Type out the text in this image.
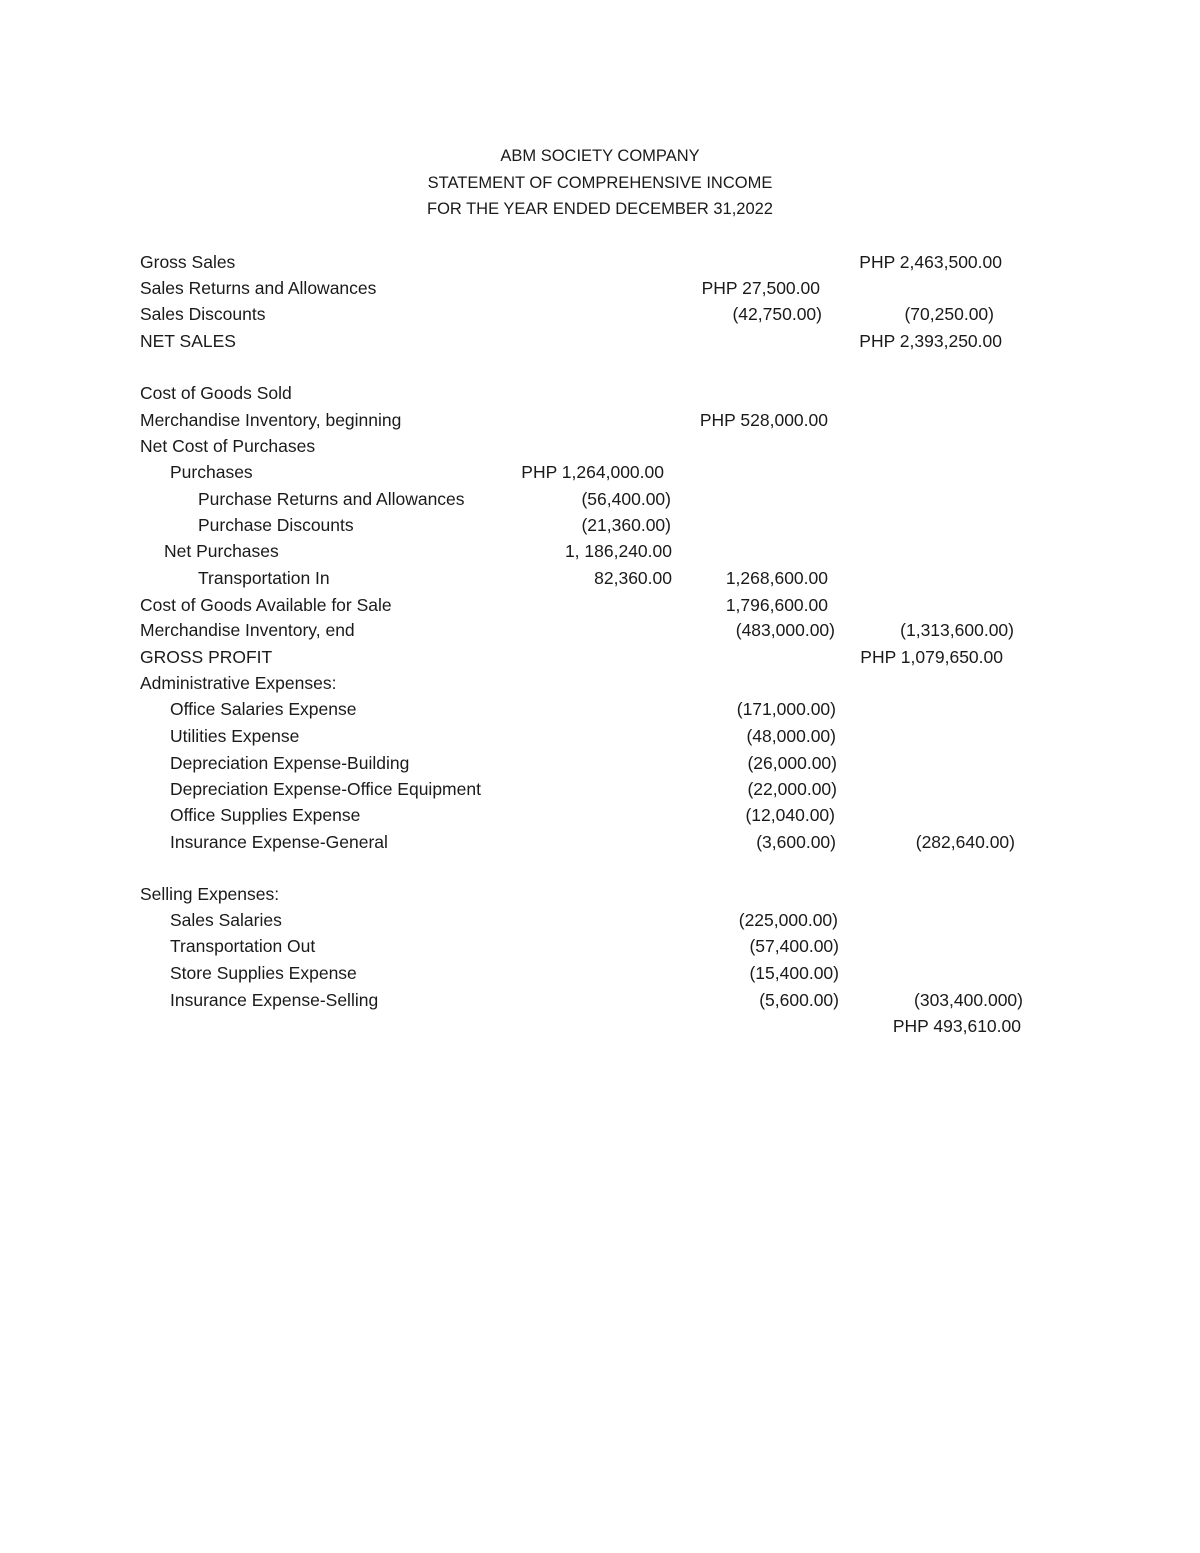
ABM SOCIETY COMPANY
STATEMENT OF COMPREHENSIVE INCOME
FOR THE YEAR ENDED DECEMBER 31,2022
Gross Sales	PHP 2,463,500.00
Sales Returns and Allowances	PHP 27,500.00
Sales Discounts	(42,750.00)	(70,250.00)
NET SALES	PHP 2,393,250.00
Cost of Goods Sold
Merchandise Inventory, beginning	PHP 528,000.00
Net Cost of Purchases
Purchases	PHP 1,264,000.00
Purchase Returns and Allowances	(56,400.00)
Purchase Discounts	(21,360.00)
Net Purchases	1, 186,240.00
Transportation In	82,360.00	1,268,600.00
Cost of Goods Available for Sale	1,796,600.00
Merchandise Inventory, end	(483,000.00)	(1,313,600.00)
GROSS PROFIT	PHP 1,079,650.00
Administrative Expenses:
Office Salaries Expense	(171,000.00)
Utilities Expense	(48,000.00)
Depreciation Expense-Building	(26,000.00)
Depreciation Expense-Office Equipment	(22,000.00)
Office Supplies Expense	(12,040.00)
Insurance Expense-General	(3,600.00)	(282,640.00)
Selling Expenses:
Sales Salaries	(225,000.00)
Transportation Out	(57,400.00)
Store Supplies Expense	(15,400.00)
Insurance Expense-Selling	(5,600.00)	(303,400.000)
PHP 493,610.00
